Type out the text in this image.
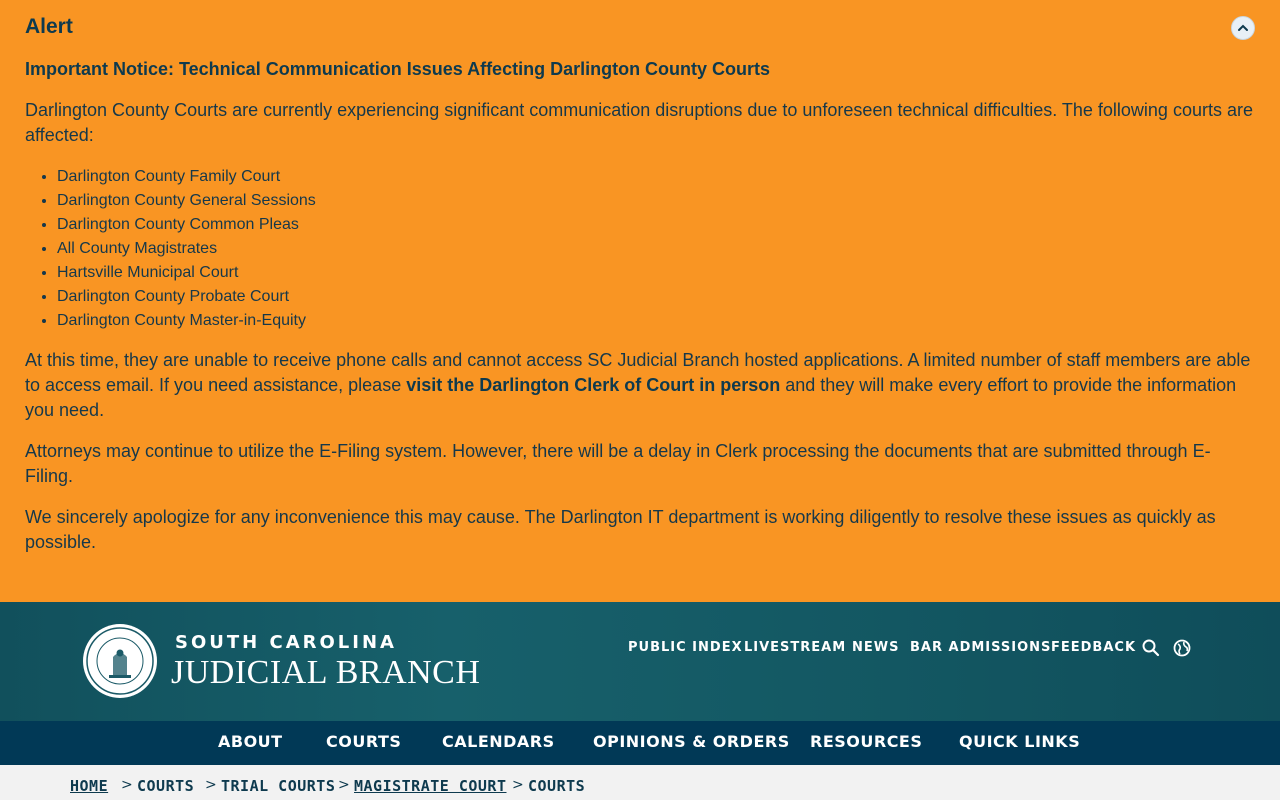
Alert
Important Notice: Technical Communication Issues Affecting Darlington County Courts

Darlington County Courts are currently experiencing significant communication disruptions due to unforeseen technical difficulties. The following courts are affected:

• Darlington County Family Court
• Darlington County General Sessions
• Darlington County Common Pleas
• All County Magistrates
• Hartsville Municipal Court
• Darlington County Probate Court
• Darlington County Master-in-Equity

At this time, they are unable to receive phone calls and cannot access SC Judicial Branch hosted applications. A limited number of staff members are able to access email. If you need assistance, please visit the Darlington Clerk of Court in person and they will make every effort to provide the information you need.

Attorneys may continue to utilize the E-Filing system. However, there will be a delay in Clerk processing the documents that are submitted through E-Filing.

We sincerely apologize for any inconvenience this may cause. The Darlington IT department is working diligently to resolve these issues as quickly as possible.

SOUTH CAROLINA
JUDICIAL BRANCH
PUBLIC INDEX LIVESTREAM NEWS BAR ADMISSIONS FEEDBACK
ABOUT	COURTS	CALENDARS OPINIONS & ORDERS RESOURCES QUICK LINKS
HOME > COURTS > TRIAL COURTS > MAGISTRATE COURT > COURTS
